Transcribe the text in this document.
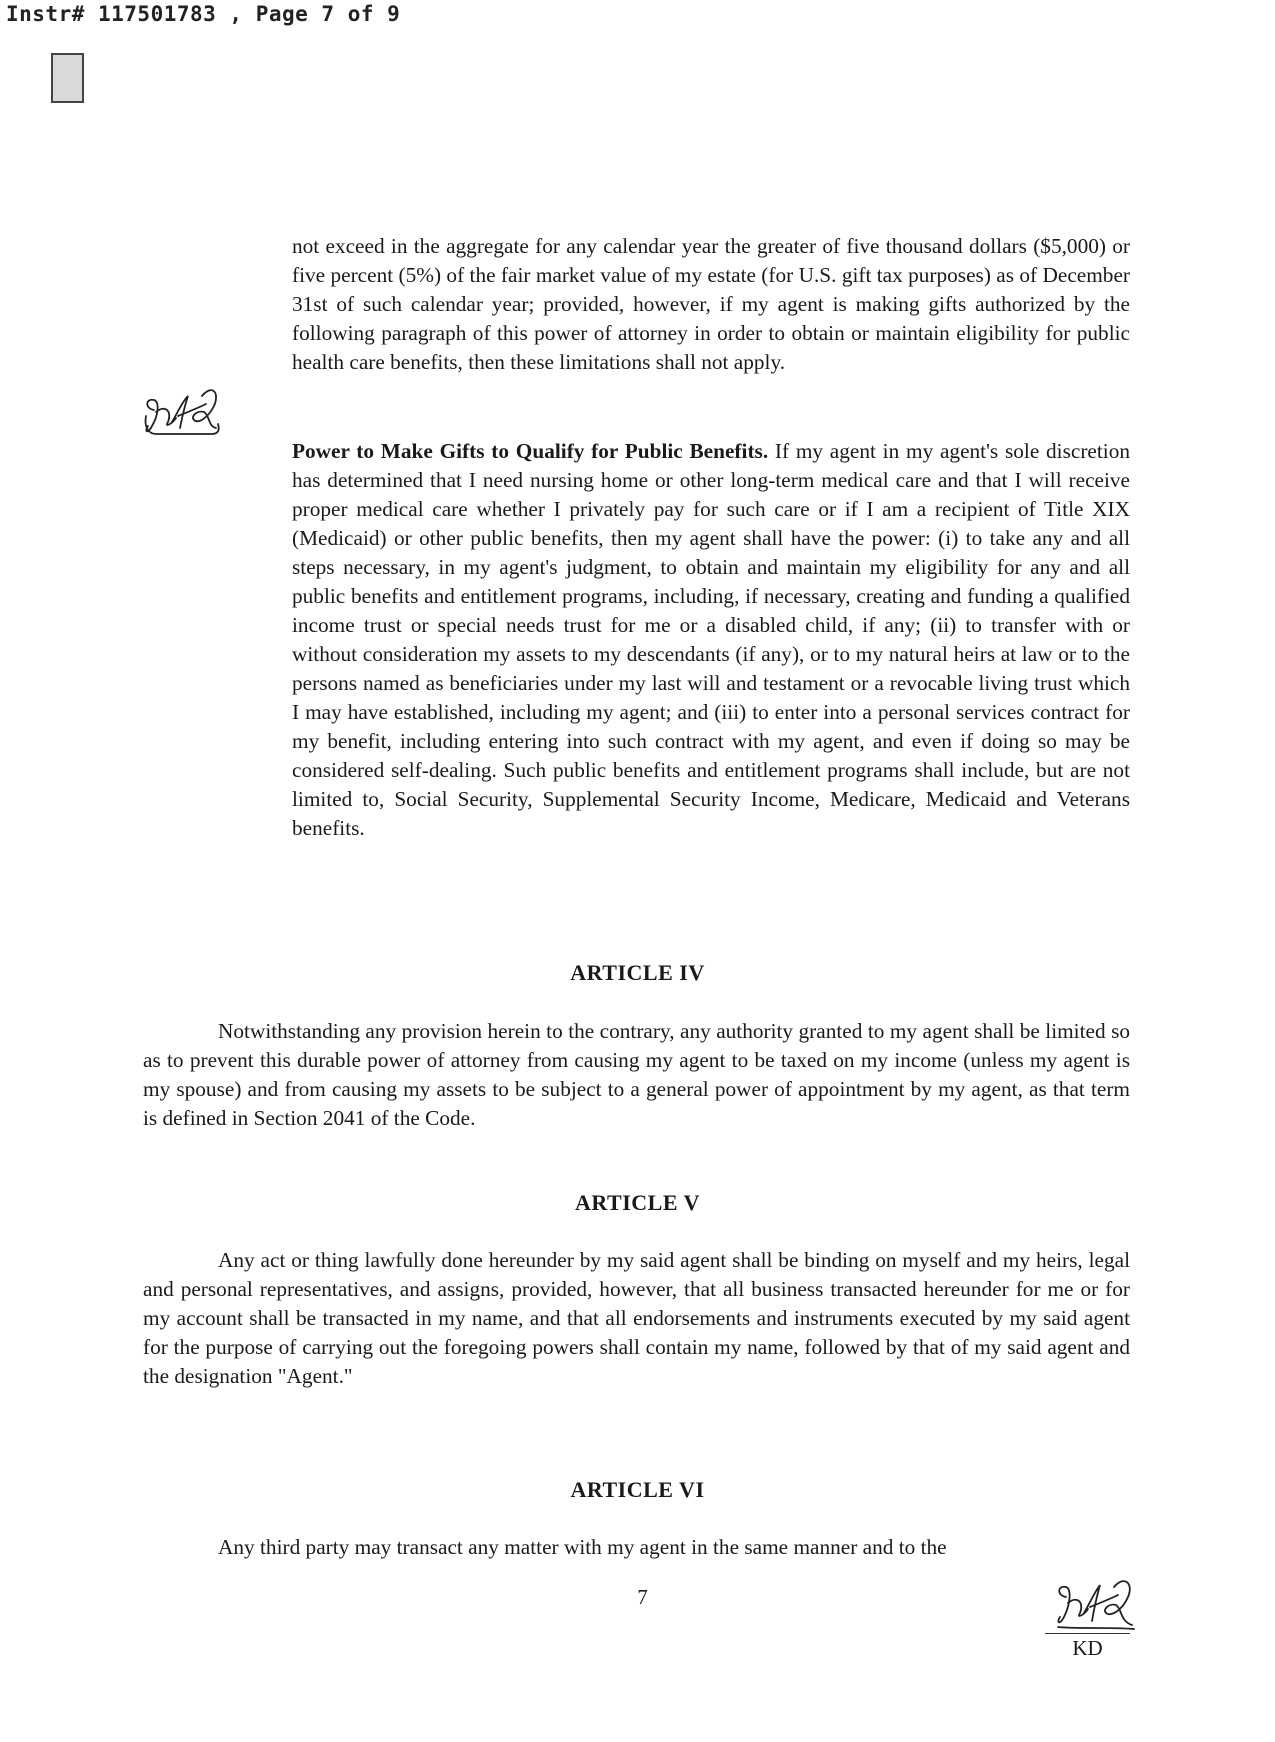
Instr# 117501783 , Page 7 of 9

not exceed in the aggregate for any calendar year the greater of five thousand dollars ($5,000) or five percent (5%) of the fair market value of my estate (for U.S. gift tax purposes) as of December 31st of such calendar year; provided, however, if my agent is making gifts authorized by the following paragraph of this power of attorney in order to obtain or maintain eligibility for public health care benefits, then these limitations shall not apply.

Power to Make Gifts to Qualify for Public Benefits. If my agent in my agent's sole discretion has determined that I need nursing home or other long-term medical care and that I will receive proper medical care whether I privately pay for such care or if I am a recipient of Title XIX (Medicaid) or other public benefits, then my agent shall have the power: (i) to take any and all steps necessary, in my agent's judgment, to obtain and maintain my eligibility for any and all public benefits and entitlement programs, including, if necessary, creating and funding a qualified income trust or special needs trust for me or a disabled child, if any; (ii) to transfer with or without consideration my assets to my descendants (if any), or to my natural heirs at law or to the persons named as beneficiaries under my last will and testament or a revocable living trust which I may have established, including my agent; and (iii) to enter into a personal services contract for my benefit, including entering into such contract with my agent, and even if doing so may be considered self-dealing. Such public benefits and entitlement programs shall include, but are not limited to, Social Security, Supplemental Security Income, Medicare, Medicaid and Veterans benefits.

ARTICLE IV

Notwithstanding any provision herein to the contrary, any authority granted to my agent shall be limited so as to prevent this durable power of attorney from causing my agent to be taxed on my income (unless my agent is my spouse) and from causing my assets to be subject to a general power of appointment by my agent, as that term is defined in Section 2041 of the Code.

ARTICLE V

Any act or thing lawfully done hereunder by my said agent shall be binding on myself and my heirs, legal and personal representatives, and assigns, provided, however, that all business transacted hereunder for me or for my account shall be transacted in my name, and that all endorsements and instruments executed by my said agent for the purpose of carrying out the foregoing powers shall contain my name, followed by that of my said agent and the designation "Agent."

ARTICLE VI

Any third party may transact any matter with my agent in the same manner and to the

7
KD
